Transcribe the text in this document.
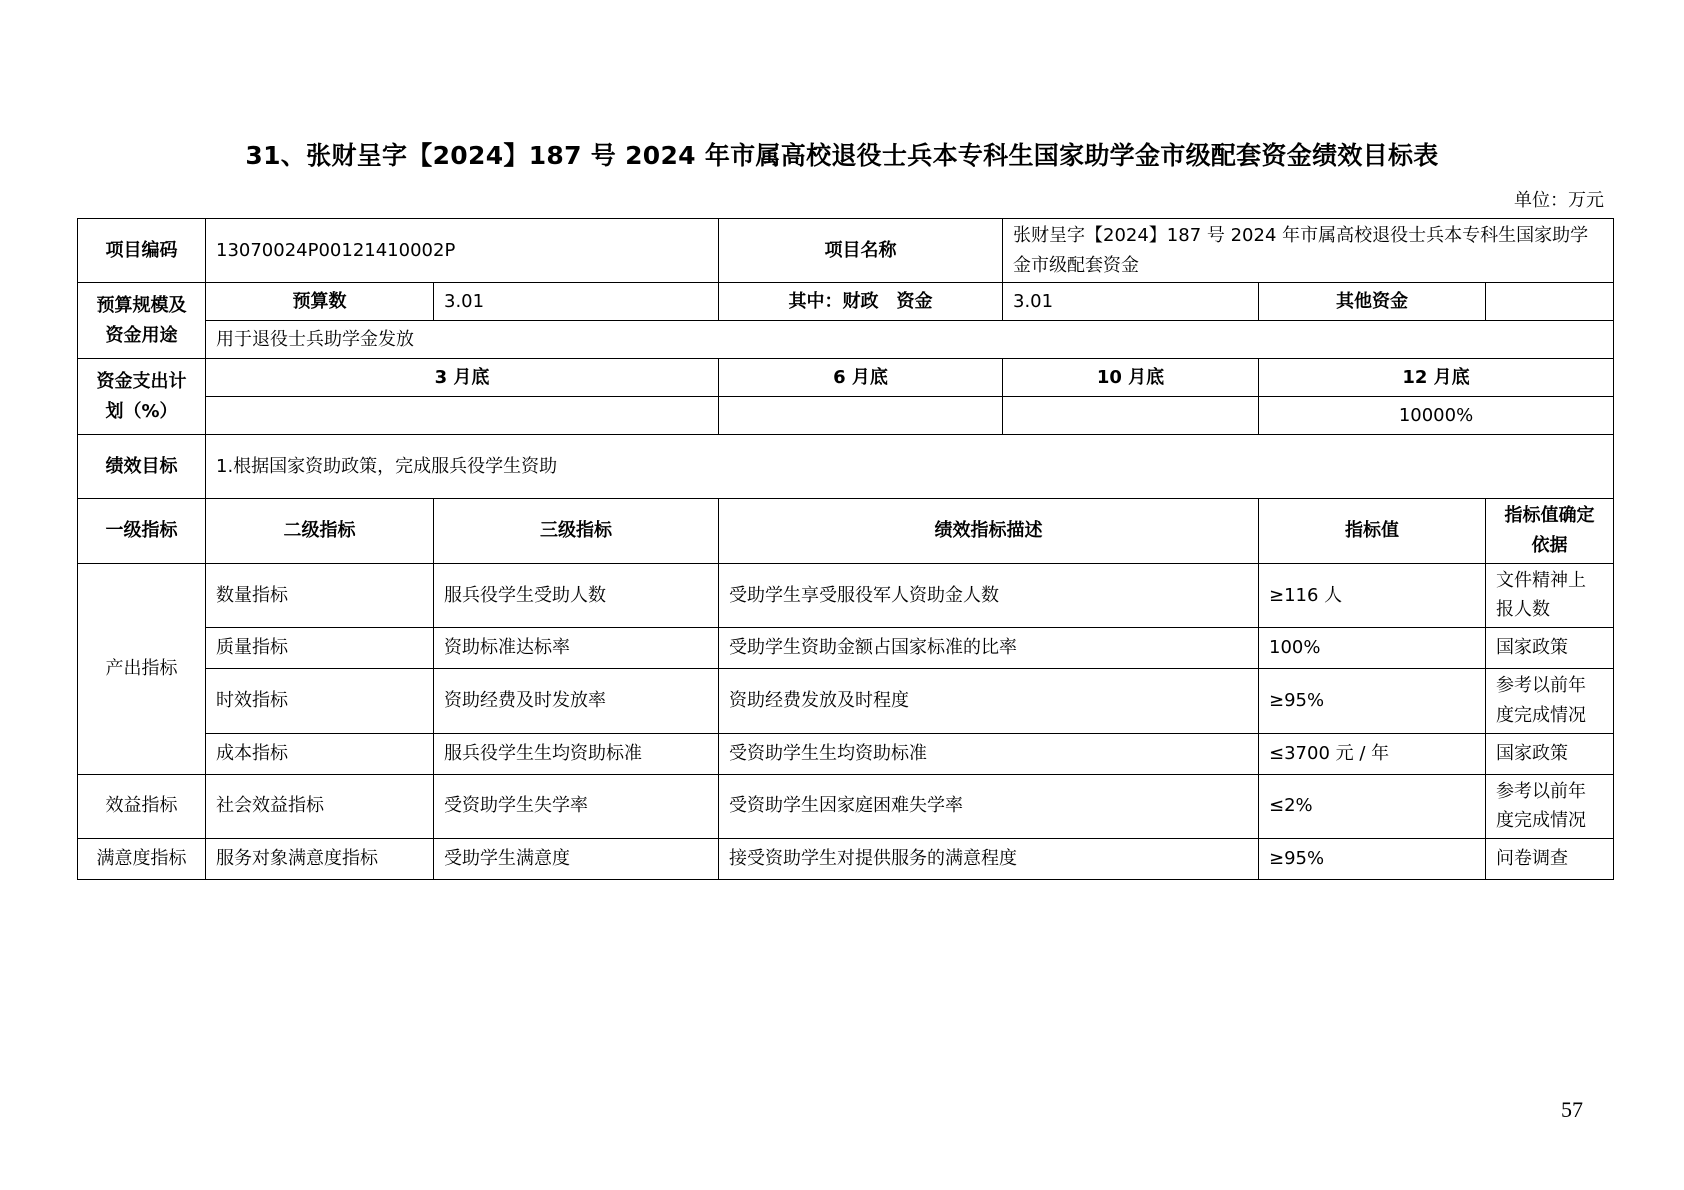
31、张财呈字【2024】187 号 2024 年市属高校退役士兵本专科生国家助学金市级配套资金绩效目标表
单位：万元
项目编码	13070024P00121410002P		项目名称	张财呈字【2024】187 号 2024 年市属高校退役士兵本专科生国家助学金市级配套资金		
预算规模及资金用途	预算数	3.01	其中：财政　资金	3.01	其他资金	
	用于退役士兵助学金发放					
资金支出计划（%）	3 月底		6 月底	10 月底	12 月底	
					10000%	
绩效目标	1.根据国家资助政策，完成服兵役学生资助					
一级指标	二级指标	三级指标	绩效指标描述		指标值	指标值确定依据
产出指标	数量指标	服兵役学生受助人数	受助学生享受服役军人资助金人数		≥116 人	文件精神上报人数
	质量指标	资助标准达标率	受助学生资助金额占国家标准的比率		100%	国家政策
	时效指标	资助经费及时发放率	资助经费发放及时程度		≥95%	参考以前年度完成情况
	成本指标	服兵役学生生均资助标准	受资助学生生均资助标准		≤3700 元 / 年	国家政策
效益指标	社会效益指标	受资助学生失学率	受资助学生因家庭困难失学率		≤2%	参考以前年度完成情况
满意度指标	服务对象满意度指标	受助学生满意度	接受资助学生对提供服务的满意程度		≥95%	问卷调查
57
